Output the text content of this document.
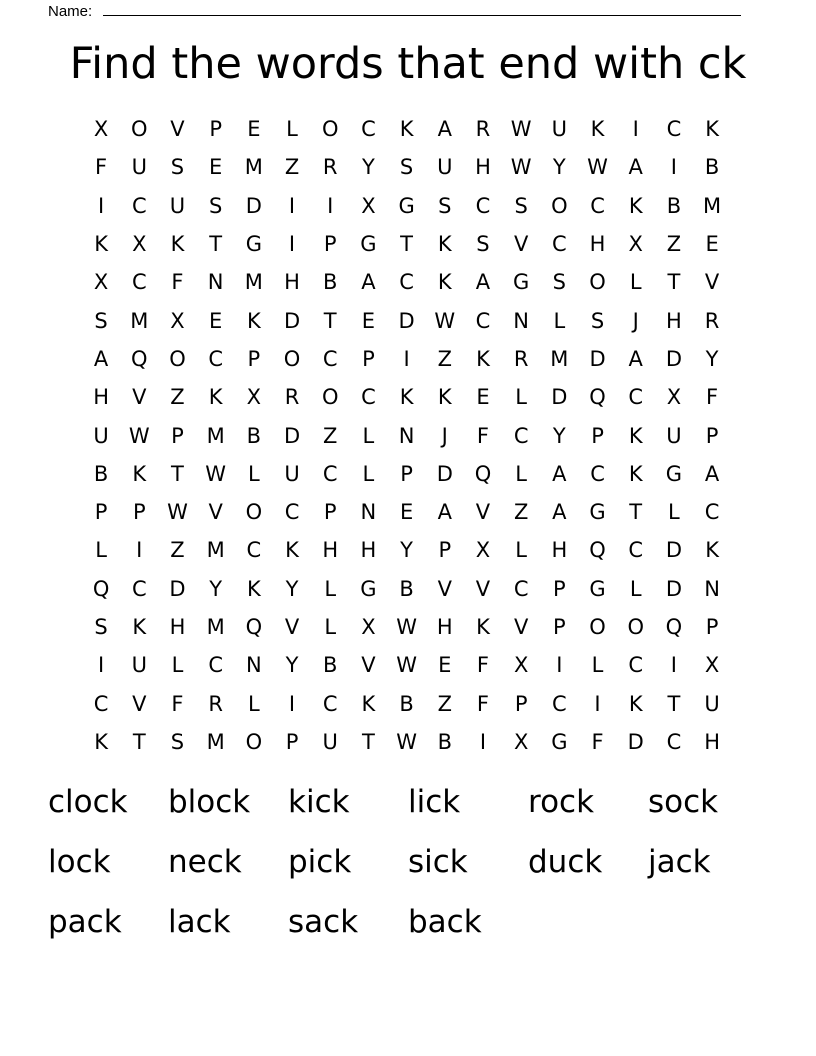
Name:
Find the words that end with ck
X	O	V	P	E	L	O	C	K	A	R W U	K	I	C	K
F	U	S	E	M	Z	R	Y	S	U	H W	Y	W A	I	B
I	C	U	S	D	I	I	X	G	S	C	S	O	C	K	B	M
K	X	K	T	G	I	P	G	T	K	S	V	C	H	X	Z	E
X	C	F	N	M	H	B	A	C	K	A	G	S	O	L	T	V
S	M	X	E	K	D	T	E	D W C	N	L	S	J	H	R
A	Q	O	C	P	O	C	P	I	Z	K	R	M	D	A	D	Y
H	V	Z	K	X	R	O	C	K	K	E	L	D	Q	C	X	F
U W	P	M	B	D	Z	L	N	J	F	C	Y	P	K	U	P
B	K	T	W	L	U	C	L	P	D	Q	L	A	C	K	G	A
P	P	W V	O	C	P	N	E	A	V	Z	A	G	T	L	C
L	I	Z	M	C	K	H	H	Y	P	X	L	H	Q	C	D	K
Q	C	D	Y	K	Y	L	G	B	V	V	C	P	G	L	D	N
S	K	H	M Q	V	L	X W H	K	V	P	O	O	Q	P
I	U	L	C	N	Y	B	V W	E	F	X	I	L	C	I	X
C	V	F	R	L	I	C	K	B	Z	F	P	C	I	K	T	U
K	T	S	M O	P	U	T	W B	I	X	G	F	D	C	H
clock	block	kick	lick	rock	sock
lock	neck	pick	sick	duck	jack
pack	lack	sack	back
